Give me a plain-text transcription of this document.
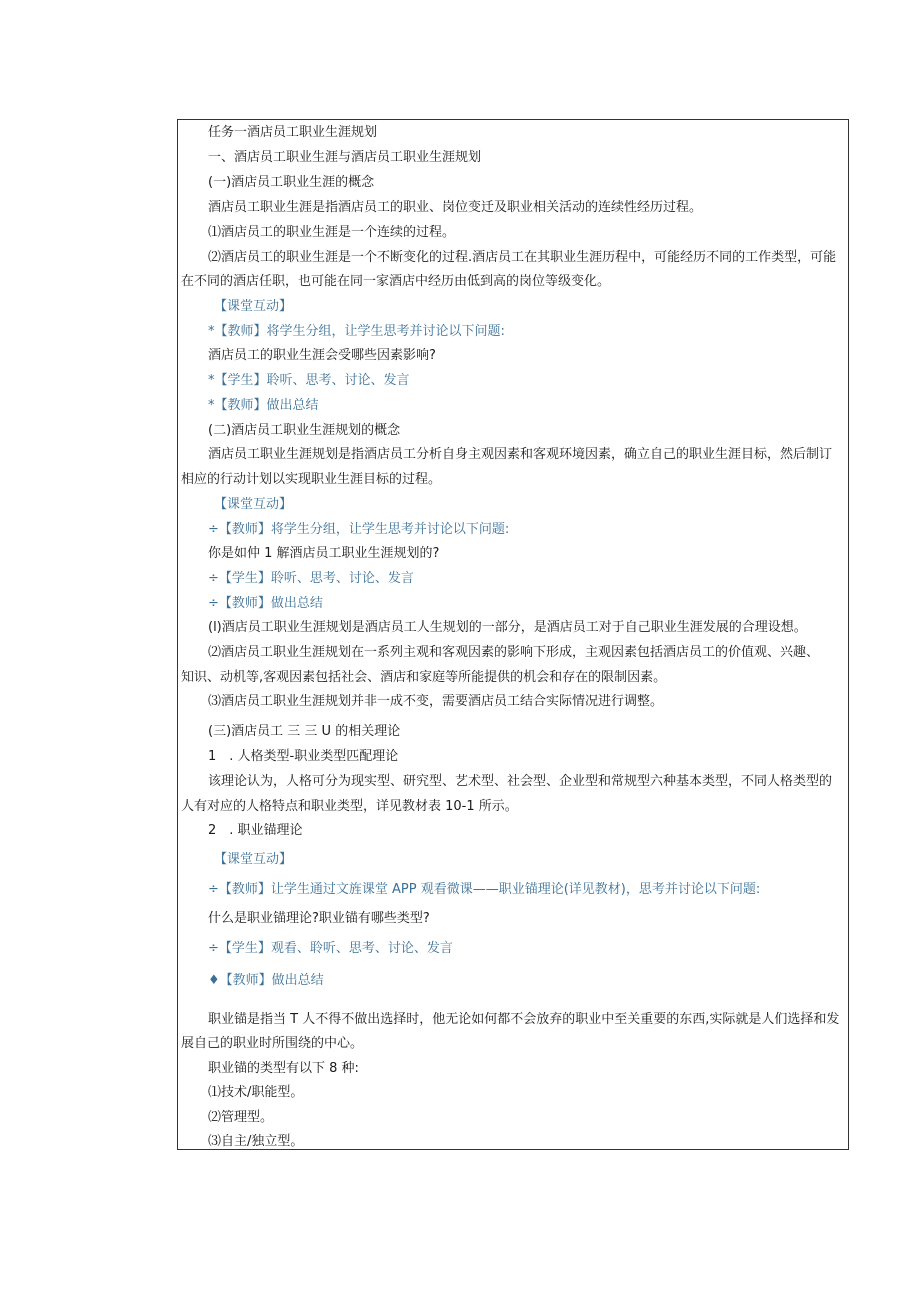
任务一酒店员工职业生涯规划

一、酒店员工职业生涯与酒店员工职业生涯规划

(一)酒店员工职业生涯的概念

酒店员工职业生涯是指酒店员工的职业、岗位变迁及职业相关活动的连续性经历过程。

⑴酒店员工的职业生涯是一个连续的过程。

⑵酒店员工的职业生涯是一个不断变化的过程.酒店员工在其职业生涯历程中，可能经历不同的工作类型，可能

在不同的酒店任职，也可能在同一家酒店中经历由低到高的岗位等级变化。

【课堂互动】

*【教师】将学生分组，让学生思考并讨论以下问题:

酒店员工的职业生涯会受哪些因素影响?

*【学生】聆听、思考、讨论、发言

*【教师】做出总结

(二)酒店员工职业生涯规划的概念

酒店员工职业生涯规划是指酒店员工分析自身主观因素和客观环境因素，确立自己的职业生涯目标，然后制订

相应的行动计划以实现职业生涯目标的过程。

【课堂互动】

÷【教师】将学生分组，让学生思考并讨论以下问题:

你是如仲 1 解酒店员工职业生涯规划的?

÷【学生】聆听、思考、讨论、发言

÷【教师】做出总结

(l)酒店员工职业生涯规划是酒店员工人生规划的一部分，是酒店员工对于自己职业生涯发展的合理设想。

⑵酒店员工职业生涯规划在一系列主观和客观因素的影响下形成，主观因素包括酒店员工的价值观、兴趣、

知识、动机等,客观因素包括社会、酒店和家庭等所能提供的机会和存在的限制因素。

⑶酒店员工职业生涯规划并非一成不变，需要酒店员工结合实际情况进行调整。

(三)酒店员工 三 三 U 的相关理论

1　. 人格类型-职业类型匹配理论

该理论认为，人格可分为现实型、研究型、艺术型、社会型、企业型和常规型六种基本类型，不同人格类型的

人有对应的人格特点和职业类型，详见教材表 10-1 所示。

2　. 职业锚理论

【课堂互动】

÷【教师】让学生通过文旌课堂 APP 观看微课——职业锚理论(详见教材)，思考并讨论以下问题:

什么是职业锚理论?职业锚有哪些类型?

÷【学生】观看、聆听、思考、讨论、发言

♦【教师】做出总结

职业锚是指当 T 人不得不做出选择时，他无论如何都不会放弃的职业中至关重要的东西,实际就是人们选择和发

展自己的职业时所围绕的中心。

职业锚的类型有以下 8 种:

⑴技术/职能型。

⑵管理型。

⑶自主/独立型。
